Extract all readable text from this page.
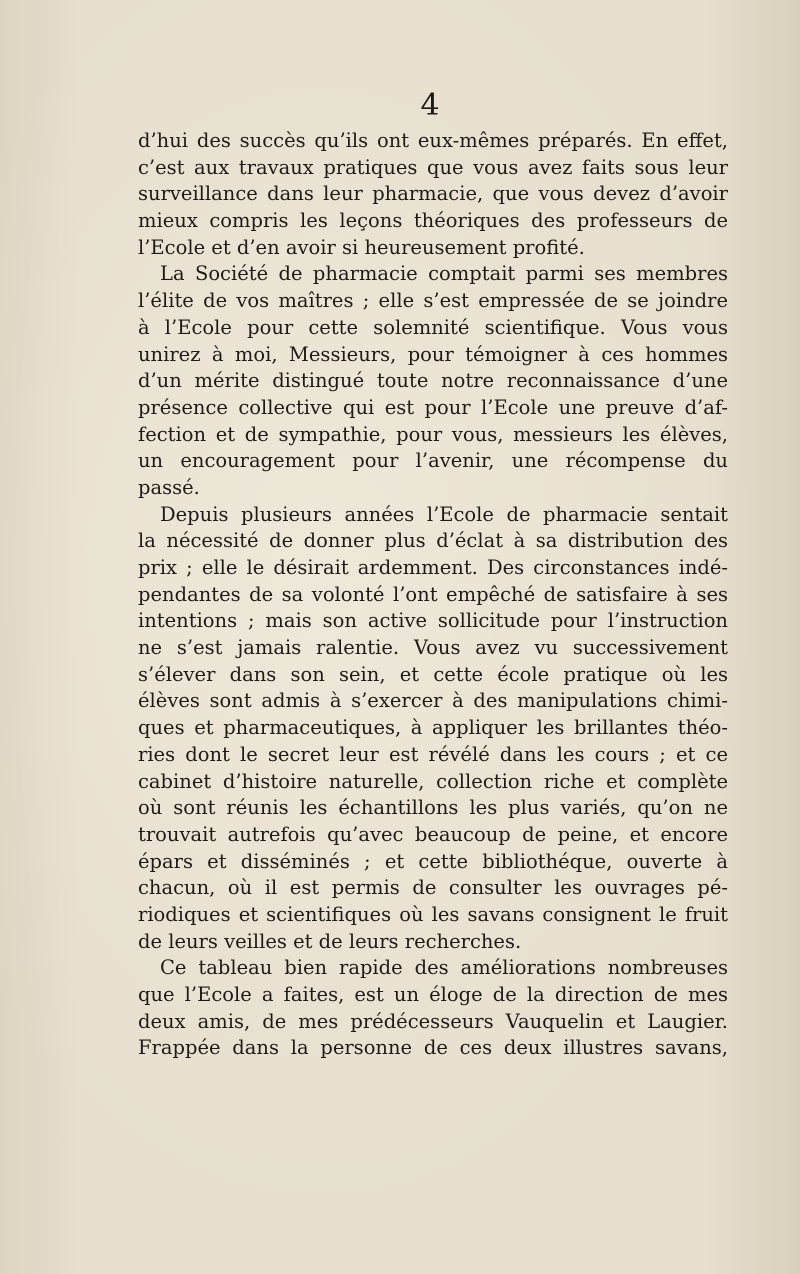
4
d’hui des succès qu’ils ont eux-mêmes préparés. En effet,
c’est aux travaux pratiques que vous avez faits sous leur
surveillance dans leur pharmacie, que vous devez d’avoir
mieux compris les leçons théoriques des professeurs de
l’Ecole et d’en avoir si heureusement profité.
La Société de pharmacie comptait parmi ses membres
l’élite de vos maîtres ; elle s’est empressée de se joindre
à l’Ecole pour cette solemnité scientifique. Vous vous
unirez à moi, Messieurs, pour témoigner à ces hommes
d’un mérite distingué toute notre reconnaissance d’une
présence collective qui est pour l’Ecole une preuve d’af-
fection et de sympathie, pour vous, messieurs les élèves,
un encouragement pour l’avenir, une récompense du
passé.
Depuis plusieurs années l’Ecole de pharmacie sentait
la nécessité de donner plus d’éclat à sa distribution des
prix ; elle le désirait ardemment. Des circonstances indé-
pendantes de sa volonté l’ont empêché de satisfaire à ses
intentions ; mais son active sollicitude pour l’instruction
ne s’est jamais ralentie. Vous avez vu successivement
s’élever dans son sein, et cette école pratique où les
élèves sont admis à s’exercer à des manipulations chimi-
ques et pharmaceutiques, à appliquer les brillantes théo-
ries dont le secret leur est révélé dans les cours ; et ce
cabinet d’histoire naturelle, collection riche et complète
où sont réunis les échantillons les plus variés, qu’on ne
trouvait autrefois qu’avec beaucoup de peine, et encore
épars et disséminés ; et cette bibliothéque, ouverte à
chacun, où il est permis de consulter les ouvrages pé-
riodiques et scientifiques où les savans consignent le fruit
de leurs veilles et de leurs recherches.
Ce tableau bien rapide des améliorations nombreuses
que l’Ecole a faites, est un éloge de la direction de mes
deux amis, de mes prédécesseurs Vauquelin et Laugier.
Frappée dans la personne de ces deux illustres savans,
